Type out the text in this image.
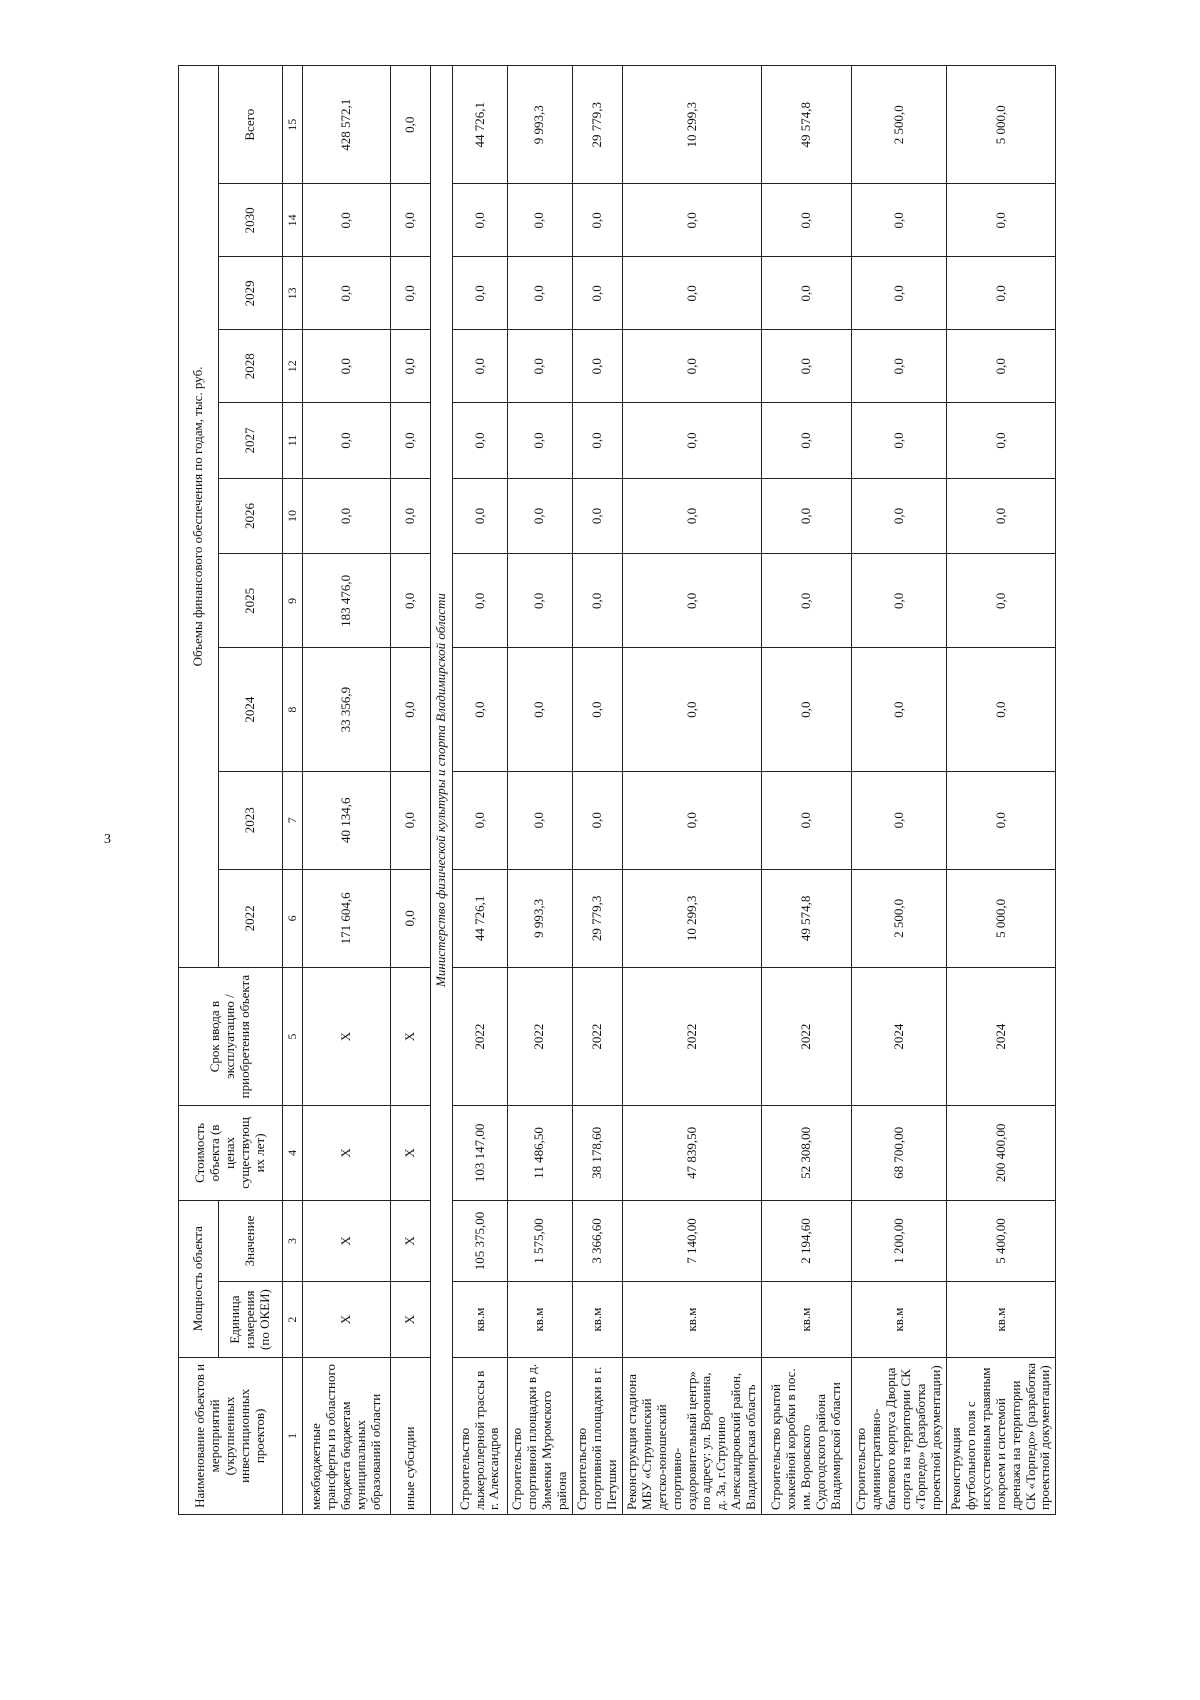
3
Наименование объектов и мероприятий (укрупненных инвестиционных проектов)	Мощность объекта		Стоимость объекта (в ценах существующ их лет)	Срок ввода в эксплуатацию / приобретения объекта	Объемы финансового обеспечения по годам, тыс. руб.									
	Единица измерения (по ОКЕИ)	Значение			2022	2023	2024	2025	2026	2027	2028	2029	2030	Всего
1	2	3	4	5	6	7	8	9	10	11	12	13	14	15
межбюджетные трансферты из областного бюджета бюджетам муниципальных образований области	Х	Х	Х	Х	171 604,6	40 134,6	33 356,9	183 476,0	0,0	0,0	0,0	0,0	0,0	428 572,1
иные субсидии	Х	Х	Х	Х	0,0	0,0	0,0	0,0	0,0	0,0	0,0	0,0	0,0	0,0
Министерство физической культуры и спорта Владимирской области														
Строительство лыжероллерной трассы в г. Александров	кв.м	105 375,00	103 147,00	2022	44 726,1	0,0	0,0	0,0	0,0	0,0	0,0	0,0	0,0	44 726,1
Строительство спортивной площадки в д. Зименки Муромского района	кв.м	1 575,00	11 486,50	2022	9 993,3	0,0	0,0	0,0	0,0	0,0	0,0	0,0	0,0	9 993,3
Строительство спортивной площадки в г. Петушки	кв.м	3 366,60	38 178,60	2022	29 779,3	0,0	0,0	0,0	0,0	0,0	0,0	0,0	0,0	29 779,3
Реконструкция стадиона МБУ «Струнинский детско-юношеский спортивно-оздоровительный центр» по адресу: ул. Воронина, д. 3а, г.Струнино Александровский район, Владимирская область	кв.м	7 140,00	47 839,50	2022	10 299,3	0,0	0,0	0,0	0,0	0,0	0,0	0,0	0,0	10 299,3
Строительство крытой хоккейной коробки в пос. им. Воровского Судогодского района Владимирской области	кв.м	2 194,60	52 308,00	2022	49 574,8	0,0	0,0	0,0	0,0	0,0	0,0	0,0	0,0	49 574,8
Строительство административно-бытового корпуса Дворца спорта на территории СК «Торпедо» (разработка проектной документации)	кв.м	1 200,00	68 700,00	2024	2 500,0	0,0	0,0	0,0	0,0	0,0	0,0	0,0	0,0	2 500,0
Реконструкция футбольного поля с искусственным травяным покроем и системой дренажа на территории СК «Торпедо» (разработка проектной документации)	кв.м	5 400,00	200 400,00	2024	5 000,0	0,0	0,0	0,0	0,0	0,0	0,0	0,0	0,0	5 000,0
